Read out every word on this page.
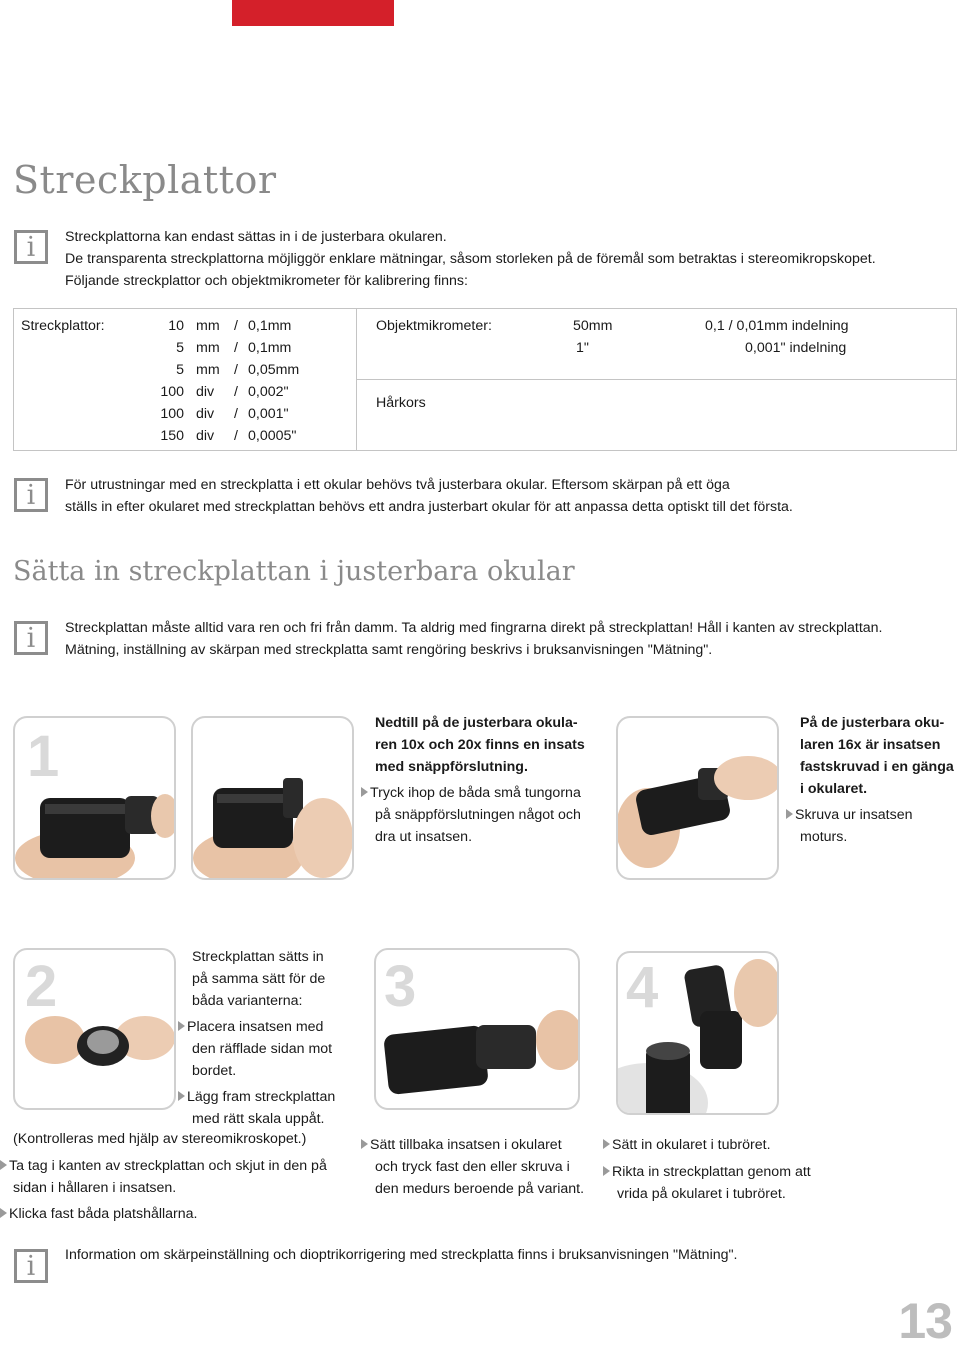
Streckplattor
i	Streckplattorna kan endast sättas in i de justerbara okularen.
De transparenta streckplattorna möjliggör enklare mätningar, såsom storleken på de föremål som betraktas i stereomikropskopet.
Följande streckplattor och objektmikrometer för kalibrering finns:
Streckplattor:	10 mm / 0,1mm
5 mm / 0,1mm
5 mm / 0,05mm
100 div / 0,002"
100 div / 0,001"
150 div / 0,0005"
Objektmikrometer:	50mm	0,1 / 0,01mm indelning
1"	0,001" indelning
Hårkors
i	För utrustningar med en streckplatta i ett okular behövs två justerbara okular. Eftersom skärpan på ett öga
ställs in efter okularet med streckplattan behövs ett andra justerbart okular för att anpassa detta optiskt till det första.
Sätta in streckplattan i justerbara okular
i	Streckplattan måste alltid vara ren och fri från damm. Ta aldrig med fingrarna direkt på streckplattan! Håll i kanten av streckplattan.
Mätning, inställning av skärpan med streckplatta samt rengöring beskrivs i bruksanvisningen "Mätning".
1
Nedtill på de justerbara okula-
ren 10x och 20x finns en insats
med snäppförslutning.
Tryck ihop de båda små tungorna
på snäppförslutningen något och
dra ut insatsen.
På de justerbara oku-
laren 16x är insatsen
fastskruvad i en gänga
i okularet.
Skruva ur insatsen
moturs.
2	Streckplattan sätts in
på samma sätt för de
båda varianterna:
Placera insatsen med
den räfflade sidan mot
bordet.
Lägg fram streckplattan
med rätt skala uppåt.
(Kontrolleras med hjälp av stereomikroskopet.)
Ta tag i kanten av streckplattan och skjut in den på
sidan i hållaren i insatsen.
Klicka fast båda platshållarna.
3
Sätt tillbaka insatsen i okularet
och tryck fast den eller skruva i
den medurs beroende på variant.
4
Sätt in okularet i tubröret.
Rikta in streckplattan genom att
vrida på okularet i tubröret.
i	Information om skärpeinställning och dioptrikorrigering med streckplatta finns i bruksanvisningen "Mätning".
13
